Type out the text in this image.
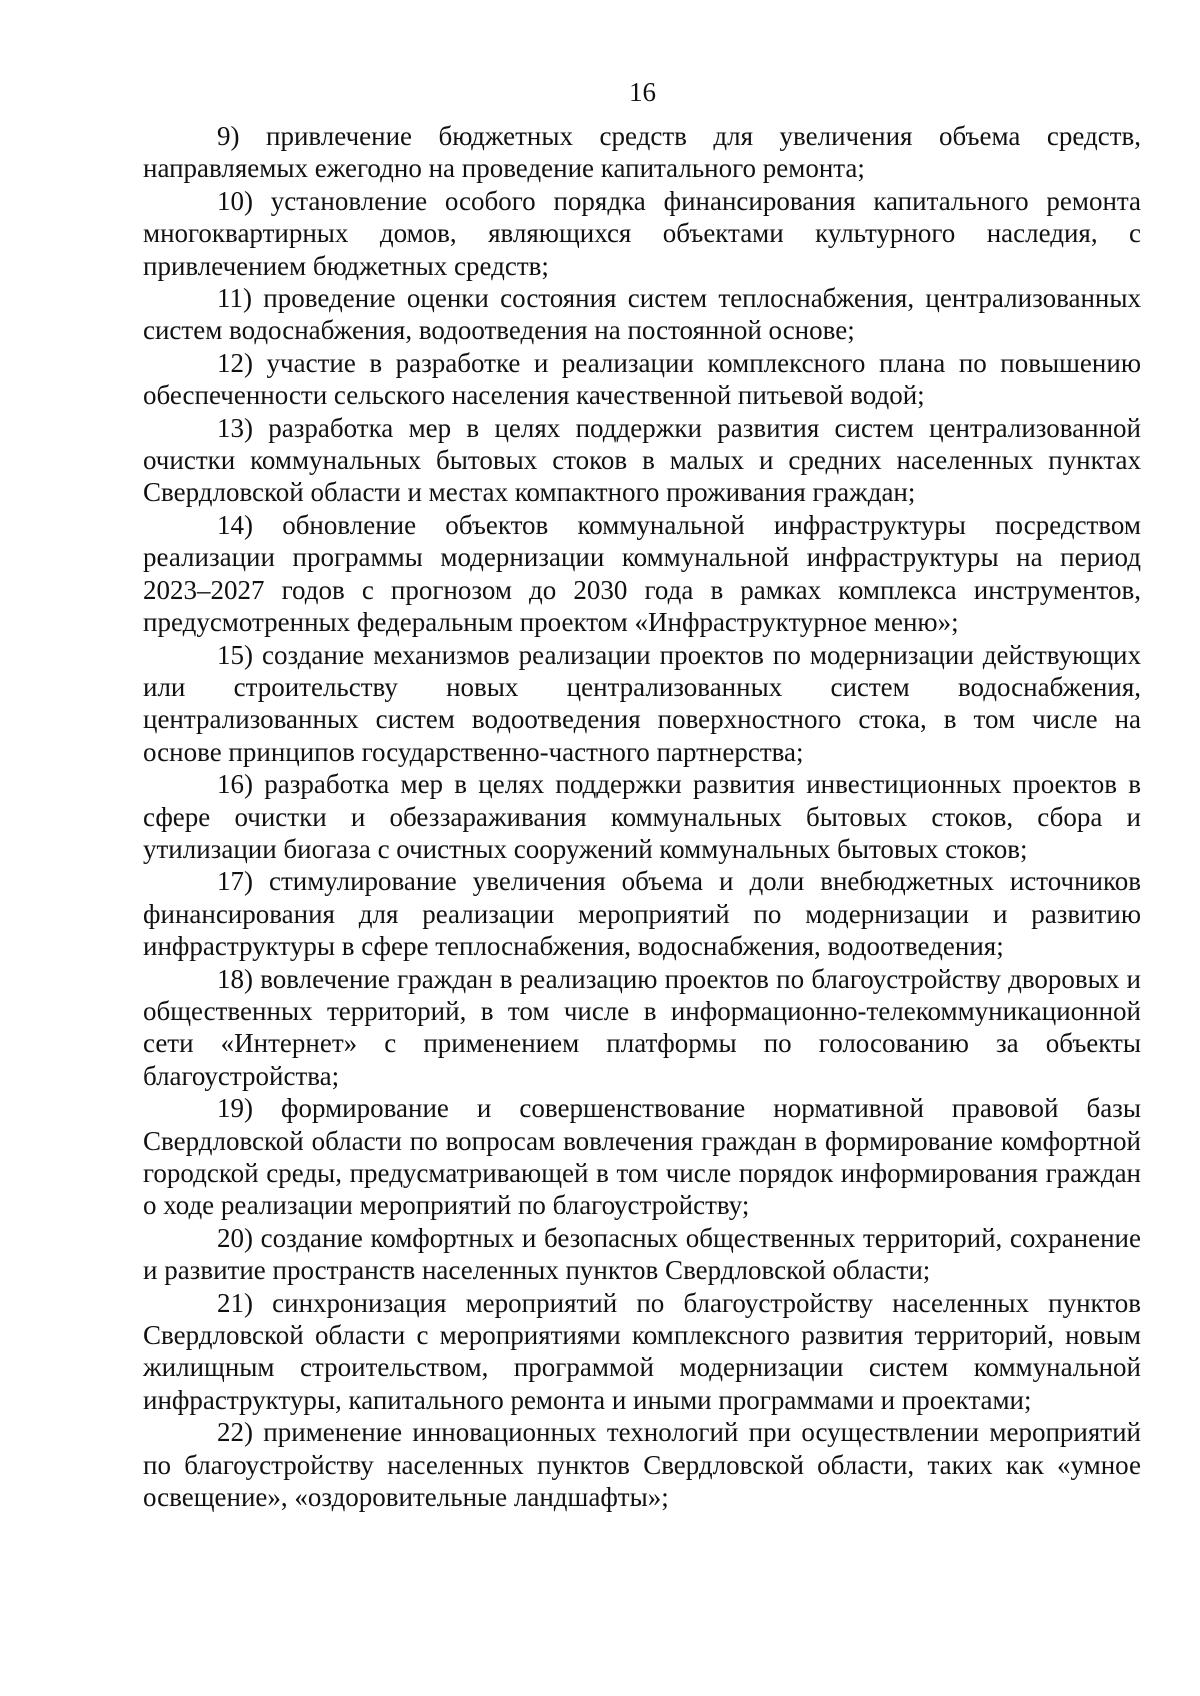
16

9) привлечение бюджетных средств для увеличения объема средств, направляемых ежегодно на проведение капитального ремонта;

10) установление особого порядка финансирования капитального ремонта многоквартирных домов, являющихся объектами культурного наследия, с привлечением бюджетных средств;

11) проведение оценки состояния систем теплоснабжения, централизованных систем водоснабжения, водоотведения на постоянной основе;

12) участие в разработке и реализации комплексного плана по повышению обеспеченности сельского населения качественной питьевой водой;

13) разработка мер в целях поддержки развития систем централизованной очистки коммунальных бытовых стоков в малых и средних населенных пунктах Свердловской области и местах компактного проживания граждан;

14) обновление объектов коммунальной инфраструктуры посредством реализации программы модернизации коммунальной инфраструктуры на период 2023–2027 годов с прогнозом до 2030 года в рамках комплекса инструментов, предусмотренных федеральным проектом «Инфраструктурное меню»;

15) создание механизмов реализации проектов по модернизации действующих или строительству новых централизованных систем водоснабжения, централизованных систем водоотведения поверхностного стока, в том числе на основе принципов государственно-частного партнерства;

16) разработка мер в целях поддержки развития инвестиционных проектов в сфере очистки и обеззараживания коммунальных бытовых стоков, сбора и утилизации биогаза с очистных сооружений коммунальных бытовых стоков;

17) стимулирование увеличения объема и доли внебюджетных источников финансирования для реализации мероприятий по модернизации и развитию инфраструктуры в сфере теплоснабжения, водоснабжения, водоотведения;

18) вовлечение граждан в реализацию проектов по благоустройству дворовых и общественных территорий, в том числе в информационно-телекоммуникационной сети «Интернет» с применением платформы по голосованию за объекты благоустройства;

19) формирование и совершенствование нормативной правовой базы Свердловской области по вопросам вовлечения граждан в формирование комфортной городской среды, предусматривающей в том числе порядок информирования граждан о ходе реализации мероприятий по благоустройству;

20) создание комфортных и безопасных общественных территорий, сохранение и развитие пространств населенных пунктов Свердловской области;

21) синхронизация мероприятий по благоустройству населенных пунктов Свердловской области с мероприятиями комплексного развития территорий, новым жилищным строительством, программой модернизации систем коммунальной инфраструктуры, капитального ремонта и иными программами и проектами;

22) применение инновационных технологий при осуществлении мероприятий по благоустройству населенных пунктов Свердловской области, таких как «умное освещение», «оздоровительные ландшафты»;
